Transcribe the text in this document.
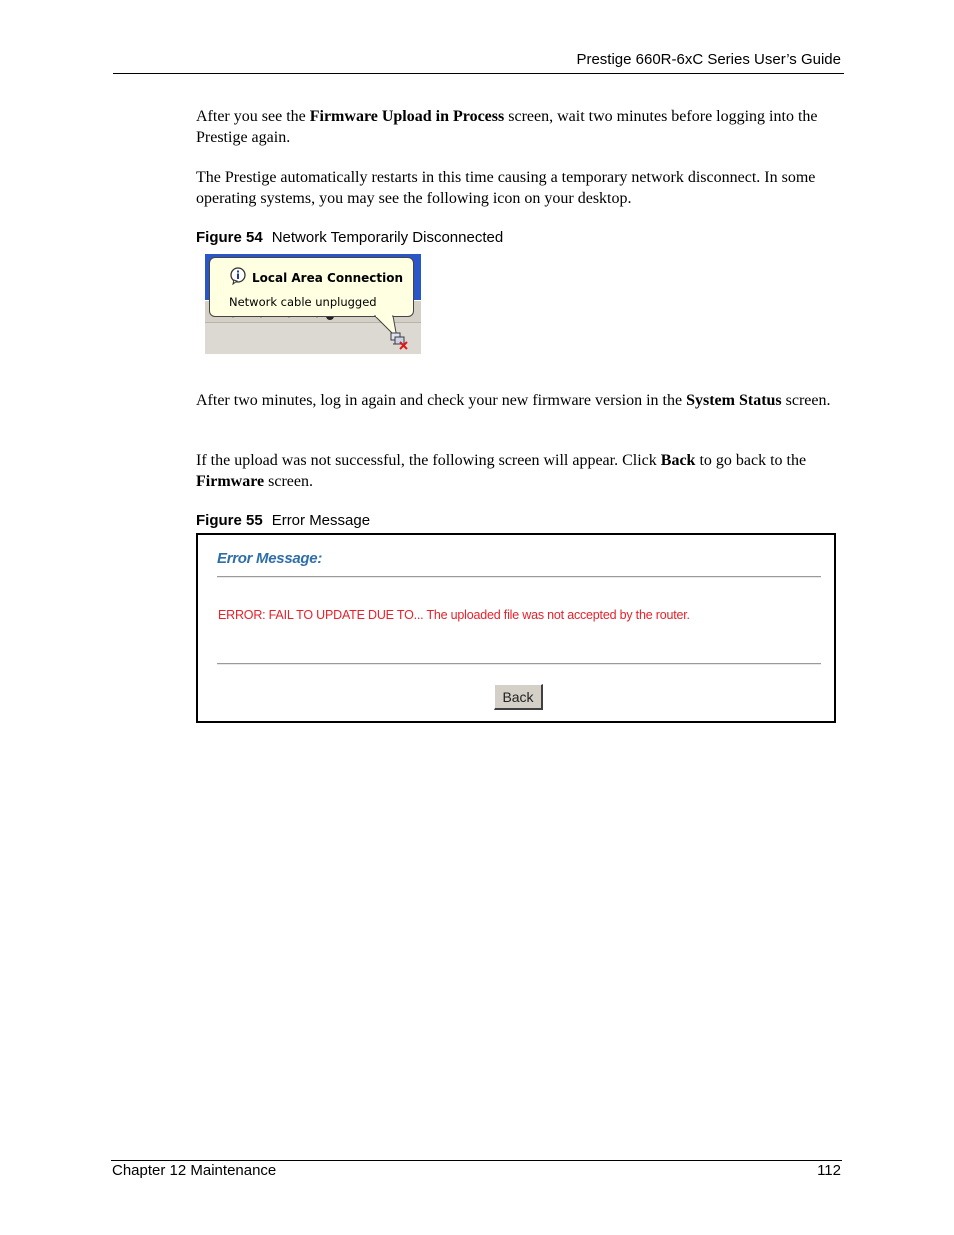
Prestige 660R-6xC Series User’s Guide

After you see the Firmware Upload in Process screen, wait two minutes before logging into the Prestige again.

The Prestige automatically restarts in this time causing a temporary network disconnect. In some operating systems, you may see the following icon on your desktop.

Figure 54 Network Temporarily Disconnected
Local Area Connection
Network cable unplugged

After two minutes, log in again and check your new firmware version in the System Status screen.

If the upload was not successful, the following screen will appear. Click Back to go back to the Firmware screen.

Figure 55 Error Message
Error Message:
ERROR: FAIL TO UPDATE DUE TO... The uploaded file was not accepted by the router.
Back
Chapter 12 Maintenance	112
